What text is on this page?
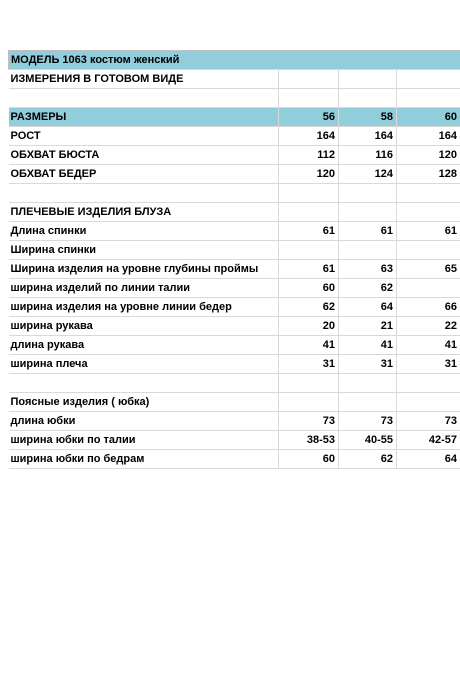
МОДЕЛЬ 1063 костюм женский			
ИЗМЕРЕНИЯ В ГОТОВОМ ВИДЕ			

РАЗМЕРЫ	56	58	60
РОСТ	164	164	164
ОБХВАТ БЮСТА	112	116	120
ОБХВАТ БЕДЕР	120	124	128

ПЛЕЧЕВЫЕ ИЗДЕЛИЯ БЛУЗА			
Длина спинки	61	61	61
Ширина спинки			
Ширина изделия на уровне глубины проймы	61	63	65
ширина изделий по линии талии	60	62	
ширина изделия на уровне линии бедер	62	64	66
ширина рукава	20	21	22
длина рукава	41	41	41
ширина плеча	31	31	31

Поясные изделия ( юбка)			
длина юбки	73	73	73
ширина юбки по талии	38-53	40-55	42-57
ширина юбки по бедрам	60	62	64
